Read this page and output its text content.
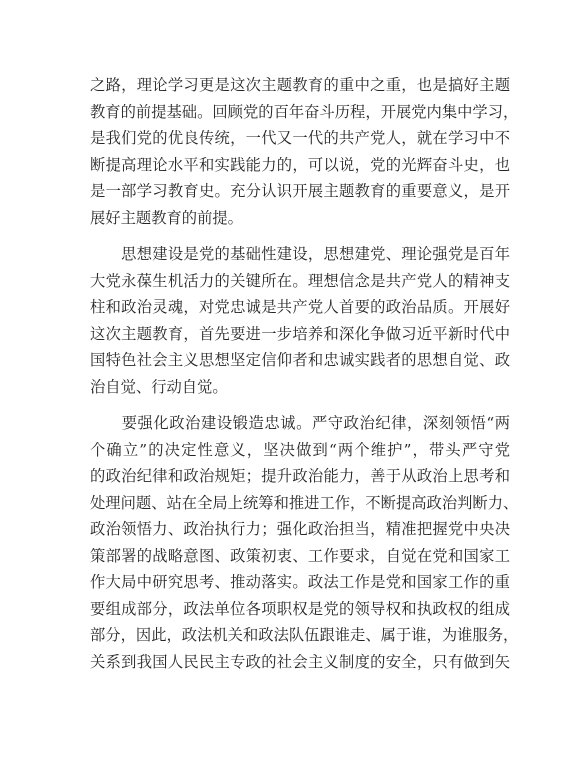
之路，理论学习更是这次主题教育的重中之重，也是搞好主题
教育的前提基础。回顾党的百年奋斗历程，开展党内集中学习，
是我们党的优良传统，一代又一代的共产党人，就在学习中不
断提高理论水平和实践能力的，可以说，党的光辉奋斗史，也
是一部学习教育史。充分认识开展主题教育的重要意义，是开
展好主题教育的前提。
　　思想建设是党的基础性建设，思想建党、理论强党是百年
大党永葆生机活力的关键所在。理想信念是共产党人的精神支
柱和政治灵魂，对党忠诚是共产党人首要的政治品质。开展好
这次主题教育，首先要进一步培养和深化争做习近平新时代中
国特色社会主义思想坚定信仰者和忠诚实践者的思想自觉、政
治自觉、行动自觉。
　　要强化政治建设锻造忠诚。严守政治纪律，深刻领悟“两
个确立”的决定性意义，坚决做到“两个维护”，带头严守党
的政治纪律和政治规矩；提升政治能力，善于从政治上思考和
处理问题、站在全局上统筹和推进工作，不断提高政治判断力、
政治领悟力、政治执行力；强化政治担当，精准把握党中央决
策部署的战略意图、政策初衷、工作要求，自觉在党和国家工
作大局中研究思考、推动落实。政法工作是党和国家工作的重
要组成部分，政法单位各项职权是党的领导权和执政权的组成
部分，因此，政法机关和政法队伍跟谁走、属于谁，为谁服务，
关系到我国人民民主专政的社会主义制度的安全，只有做到矢
